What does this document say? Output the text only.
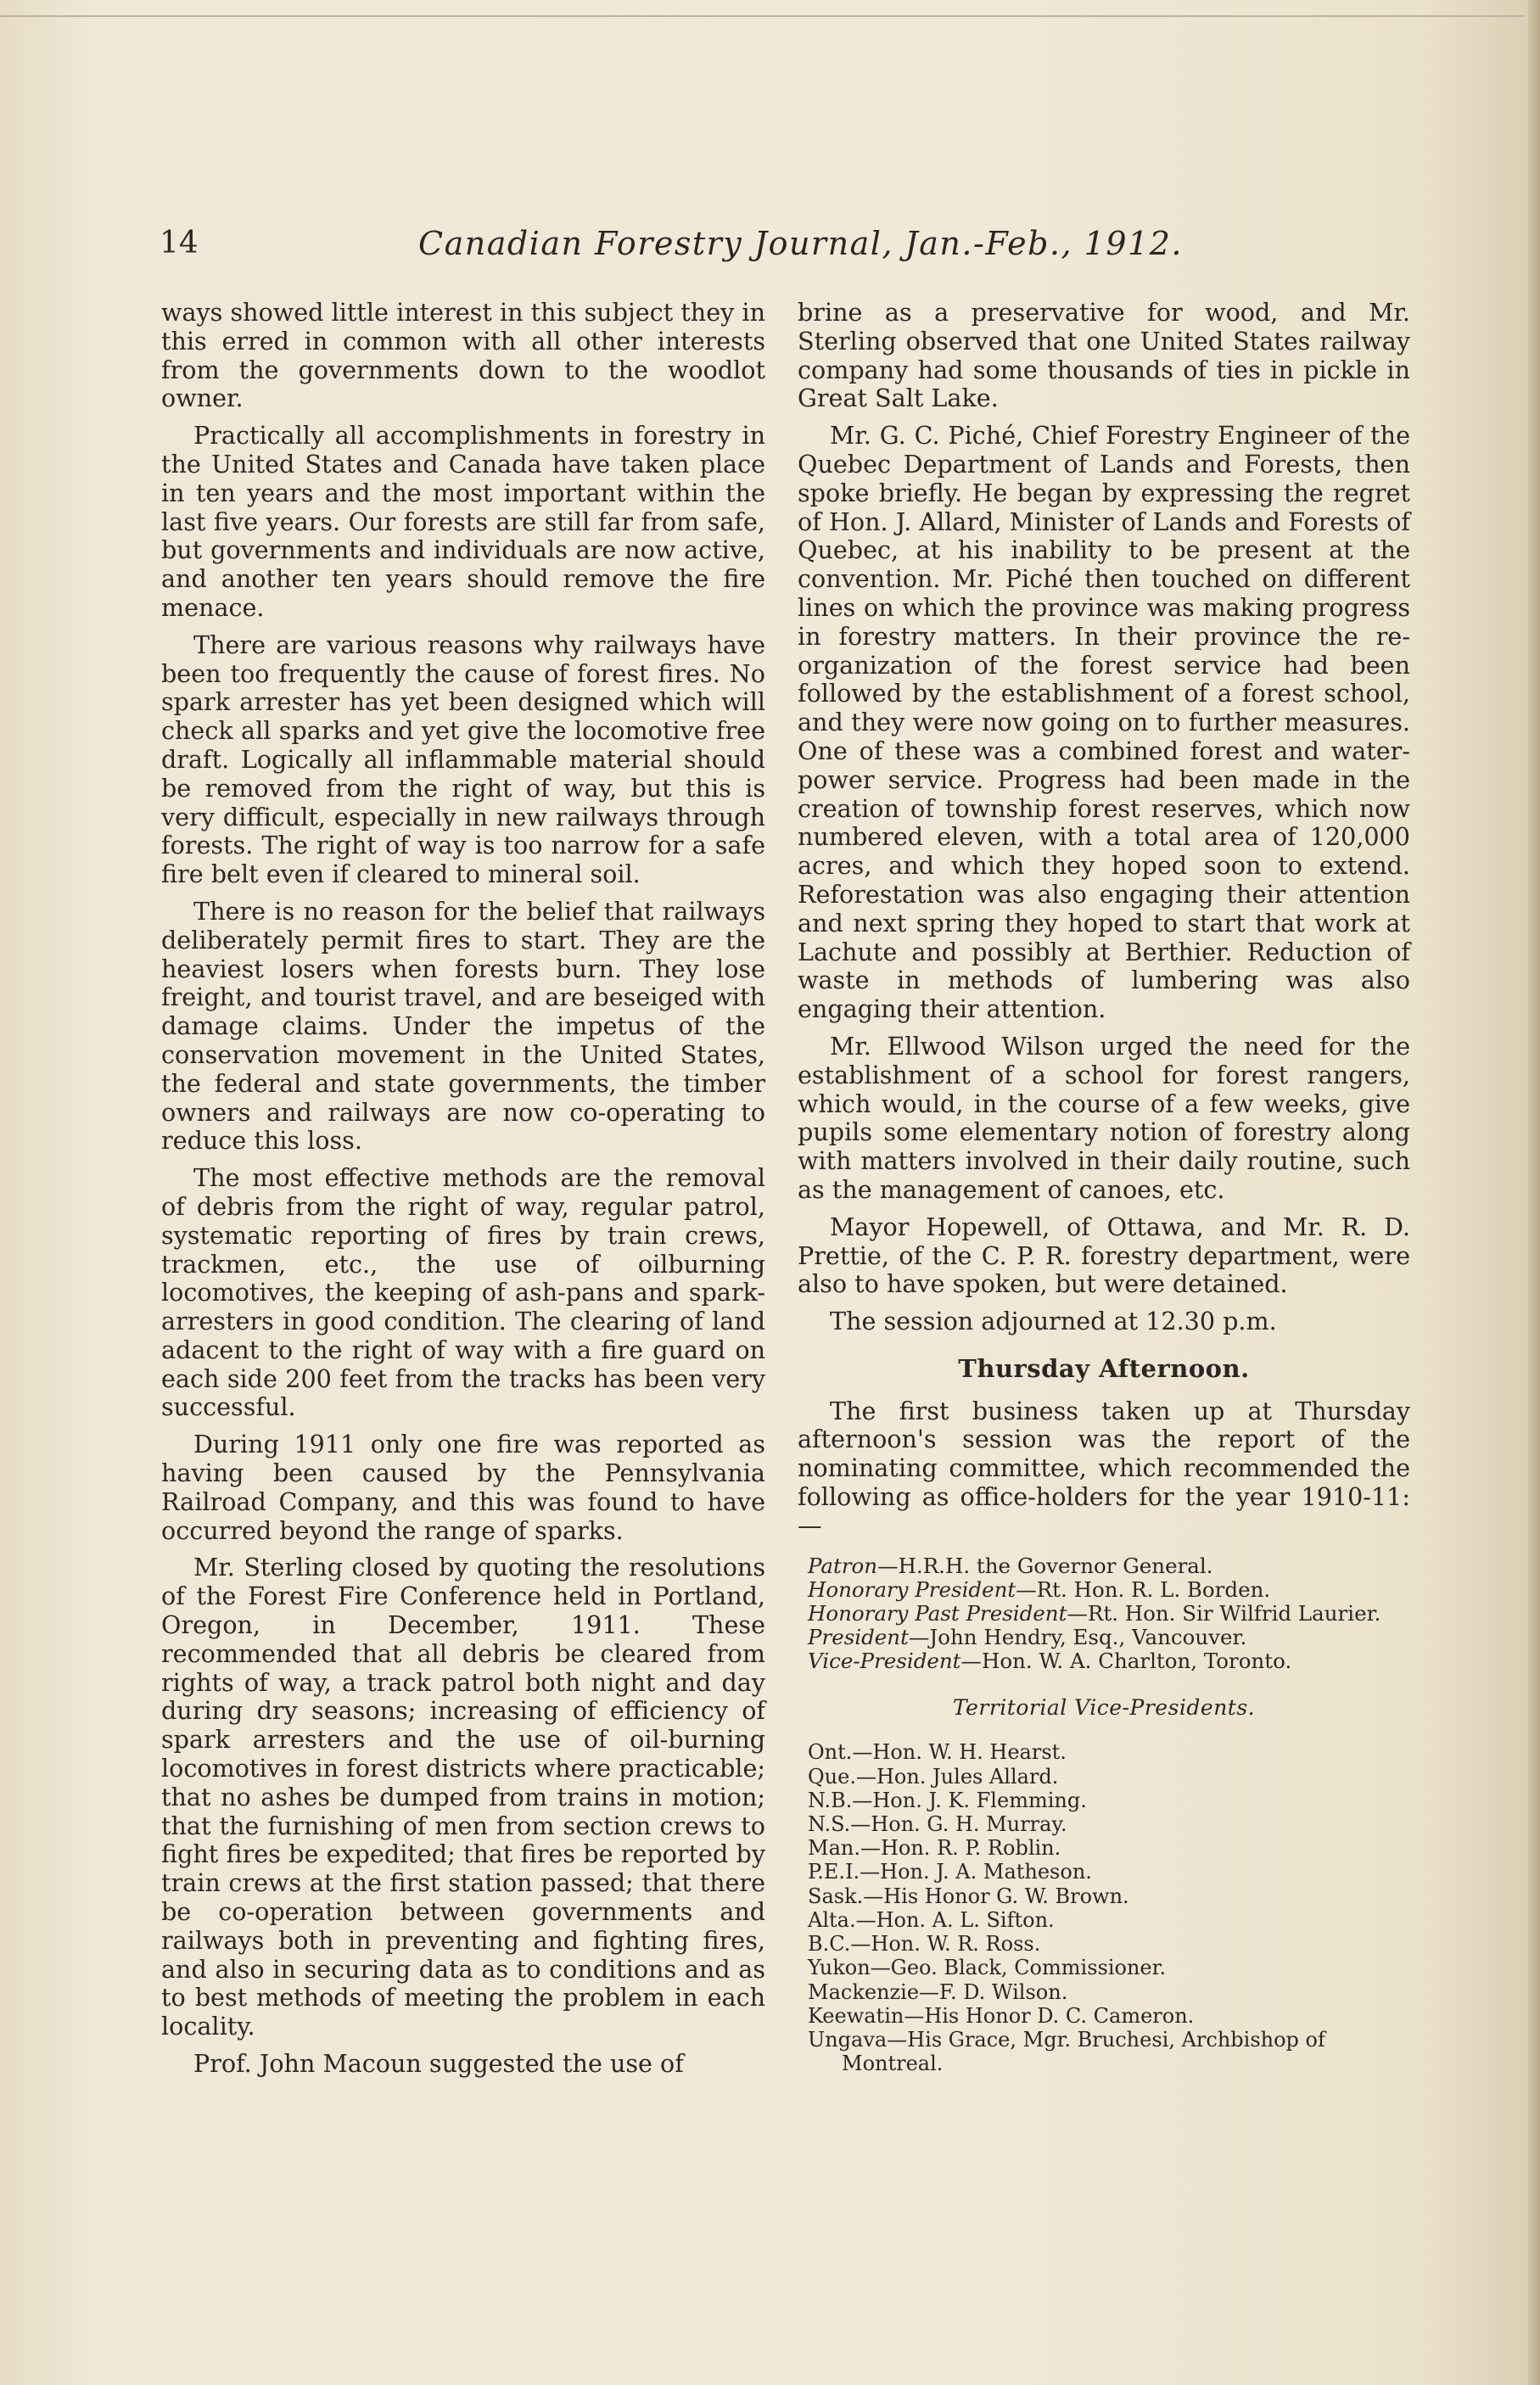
14	Canadian Forestry Journal, Jan.-Feb., 1912.

ways showed little interest in this subject they in this erred in common with all other interests from the governments down to the woodlot owner.

Practically all accomplishments in forestry in the United States and Canada have taken place in ten years and the most important within the last five years. Our forests are still far from safe, but governments and individuals are now active, and another ten years should remove the fire menace.

There are various reasons why railways have been too frequently the cause of forest fires. No spark arrester has yet been designed which will check all sparks and yet give the locomotive free draft. Logically all inflammable material should be removed from the right of way, but this is very difficult, especially in new railways through forests. The right of way is too narrow for a safe fire belt even if cleared to mineral soil.

There is no reason for the belief that railways deliberately permit fires to start. They are the heaviest losers when forests burn. They lose freight, and tourist travel, and are beseiged with damage claims. Under the impetus of the conservation movement in the United States, the federal and state governments, the timber owners and railways are now co-operating to reduce this loss.

The most effective methods are the removal of debris from the right of way, regular patrol, systematic reporting of fires by train crews, trackmen, etc., the use of oilburning locomotives, the keeping of ash-pans and spark-arresters in good condition. The clearing of land adacent to the right of way with a fire guard on each side 200 feet from the tracks has been very successful.

During 1911 only one fire was reported as having been caused by the Pennsylvania Railroad Company, and this was found to have occurred beyond the range of sparks.

Mr. Sterling closed by quoting the resolutions of the Forest Fire Conference held in Portland, Oregon, in December, 1911. These recommended that all debris be cleared from rights of way, a track patrol both night and day during dry seasons; increasing of efficiency of spark arresters and the use of oil-burning locomotives in forest districts where practicable; that no ashes be dumped from trains in motion; that the furnishing of men from section crews to fight fires be expedited; that fires be reported by train crews at the first station passed; that there be co-operation between governments and railways both in preventing and fighting fires, and also in securing data as to conditions and as to best methods of meeting the problem in each locality.

Prof. John Macoun suggested the use of

brine as a preservative for wood, and Mr. Sterling observed that one United States railway company had some thousands of ties in pickle in Great Salt Lake.

Mr. G. C. Piché, Chief Forestry Engineer of the Quebec Department of Lands and Forests, then spoke briefly. He began by expressing the regret of Hon. J. Allard, Minister of Lands and Forests of Quebec, at his inability to be present at the convention. Mr. Piché then touched on different lines on which the province was making progress in forestry matters. In their province the re-organization of the forest service had been followed by the establishment of a forest school, and they were now going on to further measures. One of these was a combined forest and water-power service. Progress had been made in the creation of township forest reserves, which now numbered eleven, with a total area of 120,000 acres, and which they hoped soon to extend. Reforestation was also engaging their attention and next spring they hoped to start that work at Lachute and possibly at Berthier. Reduction of waste in methods of lumbering was also engaging their attention.

Mr. Ellwood Wilson urged the need for the establishment of a school for forest rangers, which would, in the course of a few weeks, give pupils some elementary notion of forestry along with matters involved in their daily routine, such as the management of canoes, etc.

Mayor Hopewell, of Ottawa, and Mr. R. D. Prettie, of the C. P. R. forestry department, were also to have spoken, but were detained.

The session adjourned at 12.30 p.m.

Thursday Afternoon.

The first business taken up at Thursday afternoon's session was the report of the nominating committee, which recommended the following as office-holders for the year 1910-11:—

Patron—H.R.H. the Governor General.

Honorary President—Rt. Hon. R. L. Borden.

Honorary Past President—Rt. Hon. Sir Wilfrid Laurier.

President—John Hendry, Esq., Vancouver.

Vice-President—Hon. W. A. Charlton, Toronto.

Territorial Vice-Presidents.
Ont.—Hon. W. H. Hearst.
Que.—Hon. Jules Allard.
N.B.—Hon. J. K. Flemming.
N.S.—Hon. G. H. Murray.
Man.—Hon. R. P. Roblin.
P.E.I.—Hon. J. A. Matheson.
Sask.—His Honor G. W. Brown.
Alta.—Hon. A. L. Sifton.
B.C.—Hon. W. R. Ross.
Yukon—Geo. Black, Commissioner.
Mackenzie—F. D. Wilson.
Keewatin—His Honor D. C. Cameron.
Ungava—His Grace, Mgr. Bruchesi, Archbishop of Montreal.
